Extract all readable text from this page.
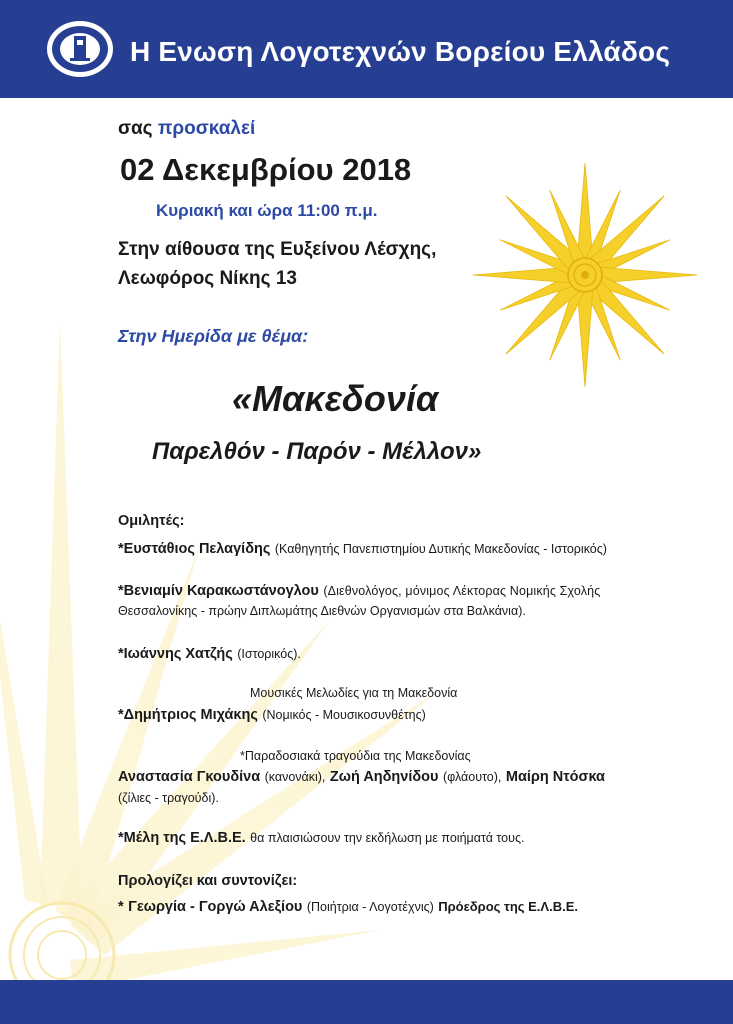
Η Ενωση Λογοτεχνών Βορείου Ελλάδος
σας προσκαλεί
02 Δεκεμβρίου 2018
Κυριακή και ώρα 11:00 π.μ.
Στην αίθουσα της Ευξείνου Λέσχης,
Λεωφόρος Νίκης 13
Στην Ημερίδα με θέμα:
«Μακεδονία
Παρελθόν - Παρόν - Μέλλον»
Ομιλητές:
*Ευστάθιος Πελαγίδης (Καθηγητής Πανεπιστημίου Δυτικής Μακεδονίας - Ιστορικός)
*Βενιαμίν Καρακωστάνογλου (Διεθνολόγος, μόνιμος Λέκτορας Νομικής Σχολής
Θεσσαλονίκης - πρώην Διπλωμάτης Διεθνών Οργανισμών στα Βαλκάνια).
*Ιωάννης Χατζής (Ιστορικός).
Μουσικές Μελωδίες για τη Μακεδονία
*Δημήτριος Μιχάκης (Νομικός - Μουσικοσυνθέτης)
*Παραδοσιακά τραγούδια της Μακεδονίας
Αναστασία Γκουδίνα (κανονάκι), Ζωή Αηδηνίδου (φλάουτο), Μαίρη Ντόσκα
(ζίλιες - τραγούδι).
*Μέλη της Ε.Λ.Β.Ε. θα πλαισιώσουν την εκδήλωση με ποιήματά τους.
Προλογίζει και συντονίζει:
* Γεωργία - Γοργώ Αλεξίου (Ποιήτρια - Λογοτέχνις) Πρόεδρος της Ε.Λ.Β.Ε.
